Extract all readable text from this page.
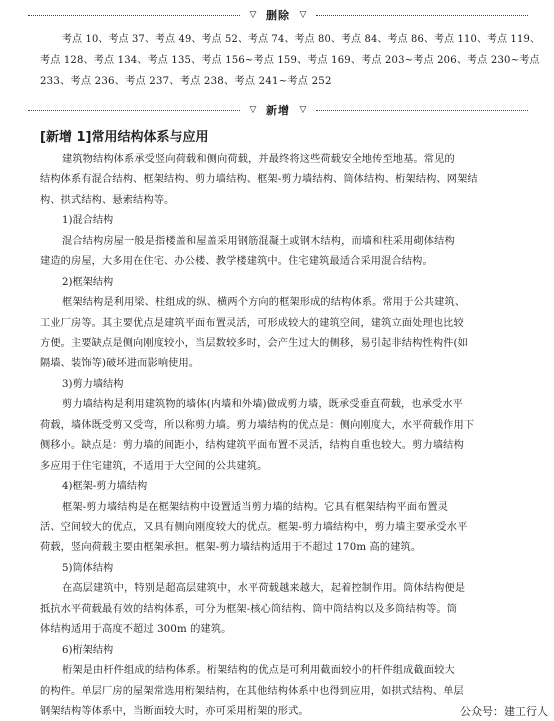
▽ 删除	▽
考点 10、考点 37、考点 49、考点 52、考点 74、考点 80、考点 84、考点 86、考点 110、考点 119、
考点 128、考点 134、考点 135、考点 156~考点 159、考点 169、考点 203~考点 206、考点 230~考点
233、考点 236、考点 237、考点 238、考点 241~考点 252
▽ 新增	▽
[新增 1]常用结构体系与应用
建筑物结构体系承受竖向荷载和侧向荷载，并最终将这些荷载安全地传至地基。常见的
结构体系有混合结构、框架结构、剪力墙结构、框架-剪力墙结构、筒体结构、桁架结构、网架结
构、拱式结构、悬索结构等。
1)混合结构
混合结构房屋一般是指楼盖和屋盖采用钢筋混凝土或钢木结构，而墙和柱采用砌体结构
建造的房屋，大多用在住宅、办公楼、教学楼建筑中。住宅建筑最适合采用混合结构。
2)框架结构
框架结构是利用梁、柱组成的纵、横两个方向的框架形成的结构体系。常用于公共建筑、
工业厂房等。其主要优点是建筑平面布置灵活，可形成较大的建筑空间，建筑立面处理也比较
方便。主要缺点是侧向刚度较小，当层数较多时，会产生过大的侧移，易引起非结构性构件(如
隔墙、装饰等)破坏进而影响使用。
3)剪力墙结构
剪力墙结构是利用建筑物的墙体(内墙和外墙)做成剪力墙，既承受垂直荷载，也承受水平
荷载，墙体既受剪又受弯，所以称剪力墙。剪力墙结构的优点是：侧向刚度大，水平荷载作用下
侧移小。缺点是：剪力墙的间距小，结构建筑平面布置不灵活，结构自重也较大。剪力墙结构
多应用于住宅建筑，不适用于大空间的公共建筑。
4)框架-剪力墙结构
框架-剪力墙结构是在框架结构中设置适当剪力墙的结构。它具有框架结构平面布置灵
活、空间较大的优点，又具有侧向刚度较大的优点。框架-剪力墙结构中，剪力墙主要承受水平
荷载，竖向荷载主要由框架承担。框架-剪力墙结构适用于不超过 170m 高的建筑。
5)筒体结构
在高层建筑中，特别是超高层建筑中，水平荷载越来越大，起着控制作用。筒体结构便是
抵抗水平荷载最有效的结构体系，可分为框架-核心筒结构、筒中筒结构以及多筒结构等。筒
体结构适用于高度不超过 300m 的建筑。
6)桁架结构
公众号：建工行人
桁架是由杆件组成的结构体系。桁架结构的优点是可利用截面较小的杆件组成截面较大
的构件。单层厂房的屋架常选用桁架结构，在其他结构体系中也得到应用，如拱式结构、单层
钢架结构等体系中，当断面较大时，亦可采用桁架的形式。
